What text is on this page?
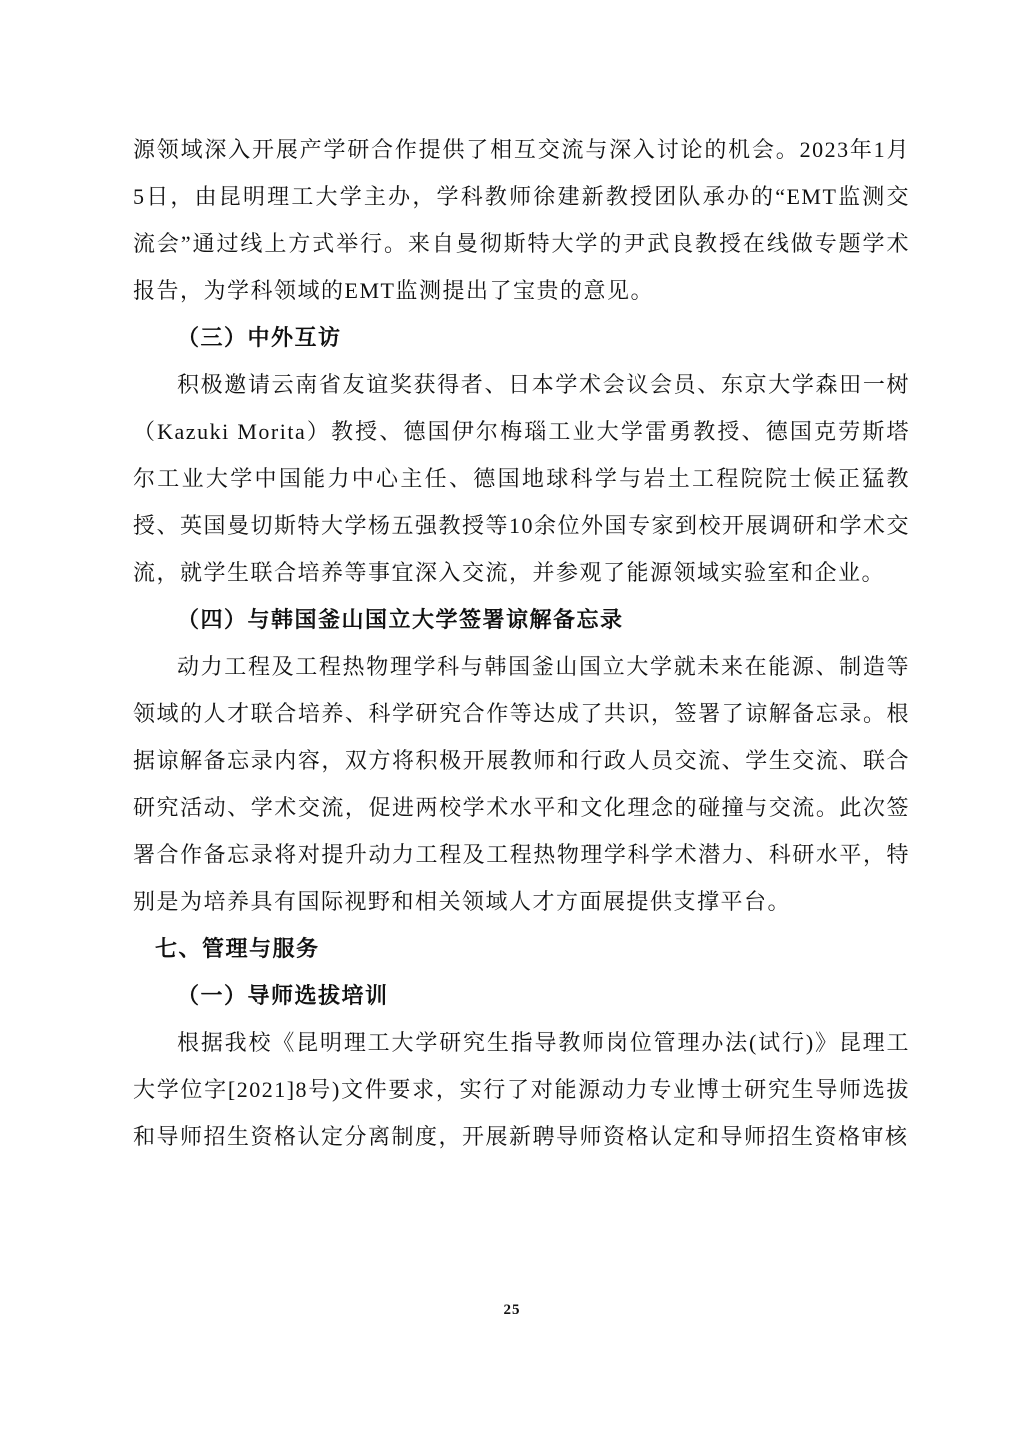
源领域深入开展产学研合作提供了相互交流与深入讨论的机会。2023年1月5日，由昆明理工大学主办，学科教师徐建新教授团队承办的“EMT监测交流会”通过线上方式举行。来自曼彻斯特大学的尹武良教授在线做专题学术报告，为学科领域的EMT监测提出了宝贵的意见。

（三）中外互访

积极邀请云南省友谊奖获得者、日本学术会议会员、东京大学森田一树（Kazuki Morita）教授、德国伊尔梅瑙工业大学雷勇教授、德国克劳斯塔尔工业大学中国能力中心主任、德国地球科学与岩土工程院院士候正猛教授、英国曼切斯特大学杨五强教授等10余位外国专家到校开展调研和学术交流，就学生联合培养等事宜深入交流，并参观了能源领域实验室和企业。

（四）与韩国釜山国立大学签署谅解备忘录

动力工程及工程热物理学科与韩国釜山国立大学就未来在能源、制造等领域的人才联合培养、科学研究合作等达成了共识，签署了谅解备忘录。根据谅解备忘录内容，双方将积极开展教师和行政人员交流、学生交流、联合研究活动、学术交流，促进两校学术水平和文化理念的碰撞与交流。此次签署合作备忘录将对提升动力工程及工程热物理学科学术潜力、科研水平，特别是为培养具有国际视野和相关领域人才方面展提供支撑平台。

七、管理与服务

（一）导师选拔培训

根据我校《昆明理工大学研究生指导教师岗位管理办法(试行)》昆理工大学位字[2021]8号)文件要求，实行了对能源动力专业博士研究生导师选拔和导师招生资格认定分离制度，开展新聘导师资格认定和导师招生资格审核

25
